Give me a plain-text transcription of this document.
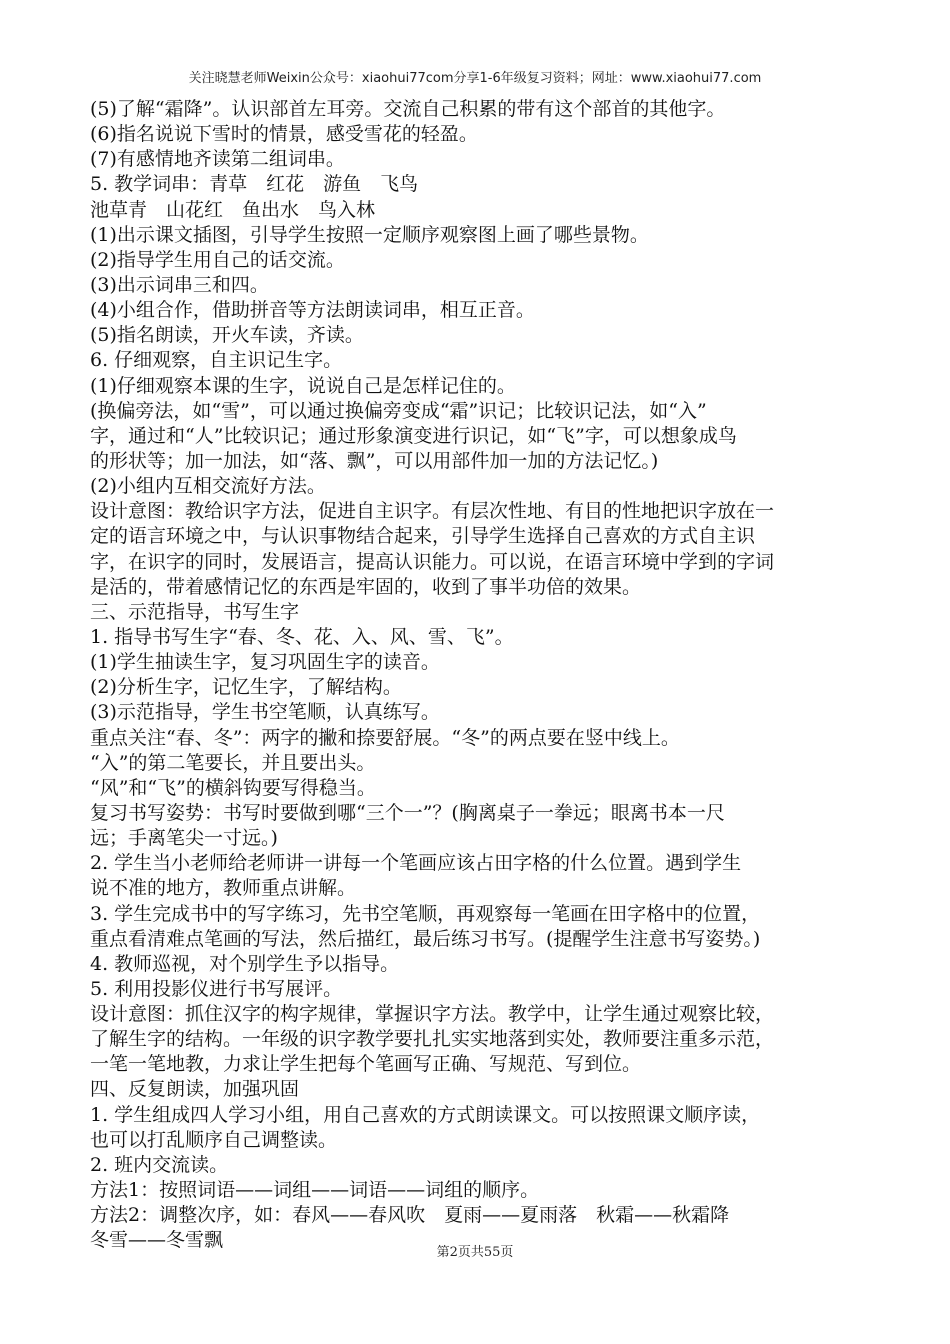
关注晓慧老师Weixin公众号：xiaohui77com分享1-6年级复习资料；网址：www.xiaohui77.com
(5)了解“霜降”。认识部首左耳旁。交流自己积累的带有这个部首的其他字。
(6)指名说说下雪时的情景，感受雪花的轻盈。
(7)有感情地齐读第二组词串。
5. 教学词串：青草　红花　游鱼　飞鸟
池草青　山花红　鱼出水　鸟入林
(1)出示课文插图，引导学生按照一定顺序观察图上画了哪些景物。
(2)指导学生用自己的话交流。
(3)出示词串三和四。
(4)小组合作，借助拼音等方法朗读词串，相互正音。
(5)指名朗读，开火车读，齐读。
6. 仔细观察，自主识记生字。
(1)仔细观察本课的生字，说说自己是怎样记住的。
(换偏旁法，如“雪”，可以通过换偏旁变成“霜”识记；比较识记法，如“入”
字，通过和“人”比较识记；通过形象演变进行识记，如“飞”字，可以想象成鸟
的形状等；加一加法，如“落、飘”，可以用部件加一加的方法记忆。)
(2)小组内互相交流好方法。
设计意图：教给识字方法，促进自主识字。有层次性地、有目的性地把识字放在一
定的语言环境之中，与认识事物结合起来，引导学生选择自己喜欢的方式自主识
字，在识字的同时，发展语言，提高认识能力。可以说，在语言环境中学到的字词
是活的，带着感情记忆的东西是牢固的，收到了事半功倍的效果。
三、示范指导，书写生字
1. 指导书写生字“春、冬、花、入、风、雪、飞”。
(1)学生抽读生字，复习巩固生字的读音。
(2)分析生字，记忆生字，了解结构。
(3)示范指导，学生书空笔顺，认真练写。
重点关注“春、冬”：两字的撇和捺要舒展。“冬”的两点要在竖中线上。
“入”的第二笔要长，并且要出头。
“风”和“飞”的横斜钩要写得稳当。
复习书写姿势：书写时要做到哪“三个一”？(胸离桌子一拳远；眼离书本一尺
远；手离笔尖一寸远。)
2. 学生当小老师给老师讲一讲每一个笔画应该占田字格的什么位置。遇到学生
说不准的地方，教师重点讲解。
3. 学生完成书中的写字练习，先书空笔顺，再观察每一笔画在田字格中的位置，
重点看清难点笔画的写法，然后描红，最后练习书写。(提醒学生注意书写姿势。)
4. 教师巡视，对个别学生予以指导。
5. 利用投影仪进行书写展评。
设计意图：抓住汉字的构字规律，掌握识字方法。教学中，让学生通过观察比较，
了解生字的结构。一年级的识字教学要扎扎实实地落到实处，教师要注重多示范，
一笔一笔地教，力求让学生把每个笔画写正确、写规范、写到位。
四、反复朗读，加强巩固
1. 学生组成四人学习小组，用自己喜欢的方式朗读课文。可以按照课文顺序读，
也可以打乱顺序自己调整读。
2. 班内交流读。
方法1：按照词语——词组——词语——词组的顺序。
方法2：调整次序，如：春风——春风吹　夏雨——夏雨落　秋霜——秋霜降
冬雪——冬雪飘
第2页共55页
